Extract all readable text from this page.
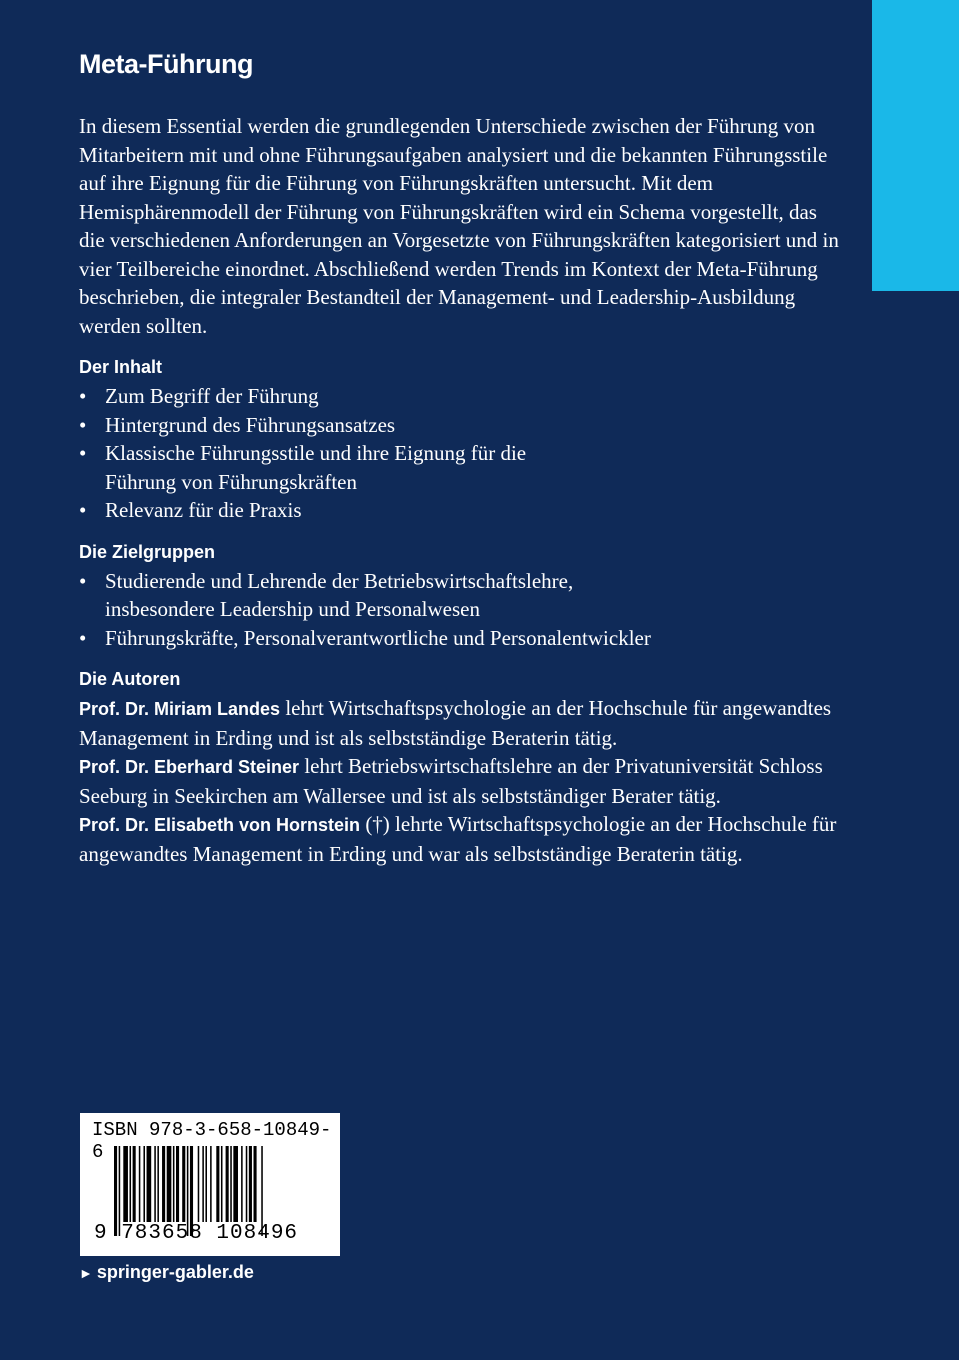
Meta-Führung

In diesem Essential werden die grundlegenden Unterschiede zwischen der Führung von Mitarbeitern mit und ohne Führungsaufgaben analysiert und die bekannten Führungsstile auf ihre Eignung für die Führung von Führungskräften untersucht. Mit dem Hemisphärenmodell der Führung von Führungskräften wird ein Schema vorgestellt, das die verschiedenen Anforderungen an Vorgesetzte von Führungskräften kategorisiert und in vier Teilbereiche einordnet. Abschließend werden Trends im Kontext der Meta-Führung beschrieben, die integraler Bestandteil der Management- und Leadership-Ausbildung werden sollten.

Der Inhalt
• Zum Begriff der Führung
• Hintergrund des Führungsansatzes
• Klassische Führungsstile und ihre Eignung für die Führung von Führungskräften
• Relevanz für die Praxis
Die Zielgruppen
• Studierende und Lehrende der Betriebswirtschaftslehre, insbesondere Leadership und Personalwesen
• Führungskräfte, Personalverantwortliche und Personalentwickler
Die Autoren

Prof. Dr. Miriam Landes lehrt Wirtschaftspsychologie an der Hochschule für angewandtes Management in Erding und ist als selbstständige Beraterin tätig.

Prof. Dr. Eberhard Steiner lehrt Betriebswirtschaftslehre an der Privatuniversität Schloss Seeburg in Seekirchen am Wallersee und ist als selbstständiger Berater tätig.

Prof. Dr. Elisabeth von Hornstein (†) lehrte Wirtschaftspsychologie an der Hochschule für angewandtes Management in Erding und war als selbstständige Beraterin tätig.

ISBN 978-3-658-10849-6
9 783658 108496
► springer-gabler.de
